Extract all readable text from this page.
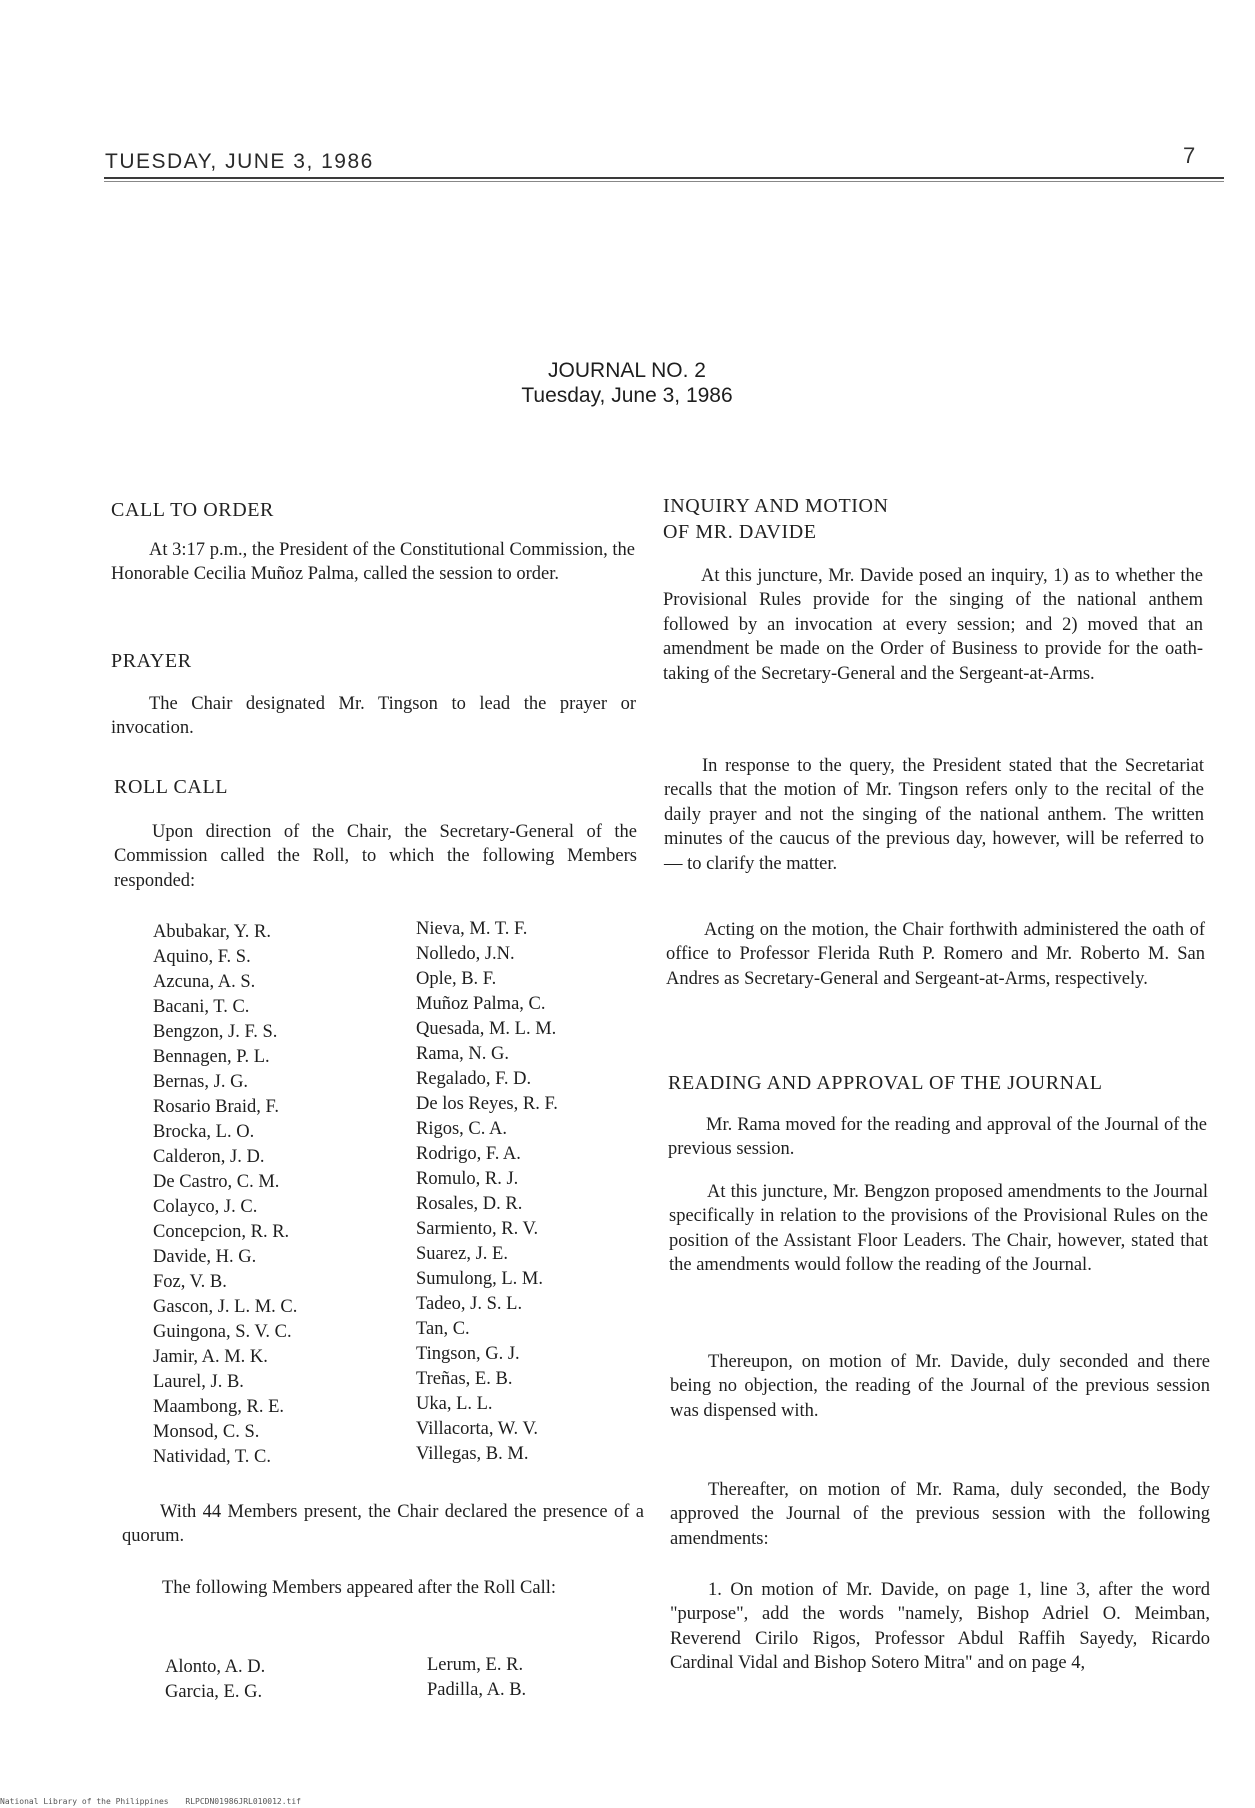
TUESDAY, JUNE 3, 1986	7
JOURNAL NO. 2
Tuesday, June 3, 1986
CALL TO ORDER
At 3:17 p.m., the President of the Constitutional Commission, the Honorable Cecilia Muñoz Palma, called the session to order.
PRAYER
The Chair designated Mr. Tingson to lead the prayer or invocation.
ROLL CALL
Upon direction of the Chair, the Secretary-General of the Commission called the Roll, to which the following Members responded:
Abubakar, Y. R.
Aquino, F. S.
Azcuna, A. S.
Bacani, T. C.
Bengzon, J. F. S.
Bennagen, P. L.
Bernas, J. G.
Rosario Braid, F.
Brocka, L. O.
Calderon, J. D.
De Castro, C. M.
Colayco, J. C.
Concepcion, R. R.
Davide, H. G.
Foz, V. B.
Gascon, J. L. M. C.
Guingona, S. V. C.
Jamir, A. M. K.
Laurel, J. B.
Maambong, R. E.
Monsod, C. S.
Natividad, T. C.
Nieva, M. T. F.
Nolledo, J.N.
Ople, B. F.
Muñoz Palma, C.
Quesada, M. L. M.
Rama, N. G.
Regalado, F. D.
De los Reyes, R. F.
Rigos, C. A.
Rodrigo, F. A.
Romulo, R. J.
Rosales, D. R.
Sarmiento, R. V.
Suarez, J. E.
Sumulong, L. M.
Tadeo, J. S. L.
Tan, C.
Tingson, G. J.
Treñas, E. B.
Uka, L. L.
Villacorta, W. V.
Villegas, B. M.
With 44 Members present, the Chair declared the presence of a quorum.
The following Members appeared after the Roll Call:
Alonto, A. D.
Garcia, E. G.
Lerum, E. R.
Padilla, A. B.
INQUIRY AND MOTION
OF MR. DAVIDE
At this juncture, Mr. Davide posed an inquiry, 1) as to whether the Provisional Rules provide for the singing of the national anthem followed by an invocation at every session; and 2) moved that an amendment be made on the Order of Business to provide for the oath-taking of the Secretary-General and the Sergeant-at-Arms.
In response to the query, the President stated that the Secretariat recalls that the motion of Mr. Tingson refers only to the recital of the daily prayer and not the singing of the national anthem. The written minutes of the caucus of the previous day, however, will be referred to — to clarify the matter.
Acting on the motion, the Chair forthwith administered the oath of office to Professor Flerida Ruth P. Romero and Mr. Roberto M. San Andres as Secretary-General and Sergeant-at-Arms, respectively.
READING AND APPROVAL OF THE JOURNAL
Mr. Rama moved for the reading and approval of the Journal of the previous session.
At this juncture, Mr. Bengzon proposed amendments to the Journal specifically in relation to the provisions of the Provisional Rules on the position of the Assistant Floor Leaders. The Chair, however, stated that the amendments would follow the reading of the Journal.
Thereupon, on motion of Mr. Davide, duly seconded and there being no objection, the reading of the Journal of the previous session was dispensed with.
Thereafter, on motion of Mr. Rama, duly seconded, the Body approved the Journal of the previous session with the following amendments:
1. On motion of Mr. Davide, on page 1, line 3, after the word "purpose", add the words "namely, Bishop Adriel O. Meimban, Reverend Cirilo Rigos, Professor Abdul Raffih Sayedy, Ricardo Cardinal Vidal and Bishop Sotero Mitra" and on page 4,
National Library of the Philippines RLPCDN01986JRL010012.tif
